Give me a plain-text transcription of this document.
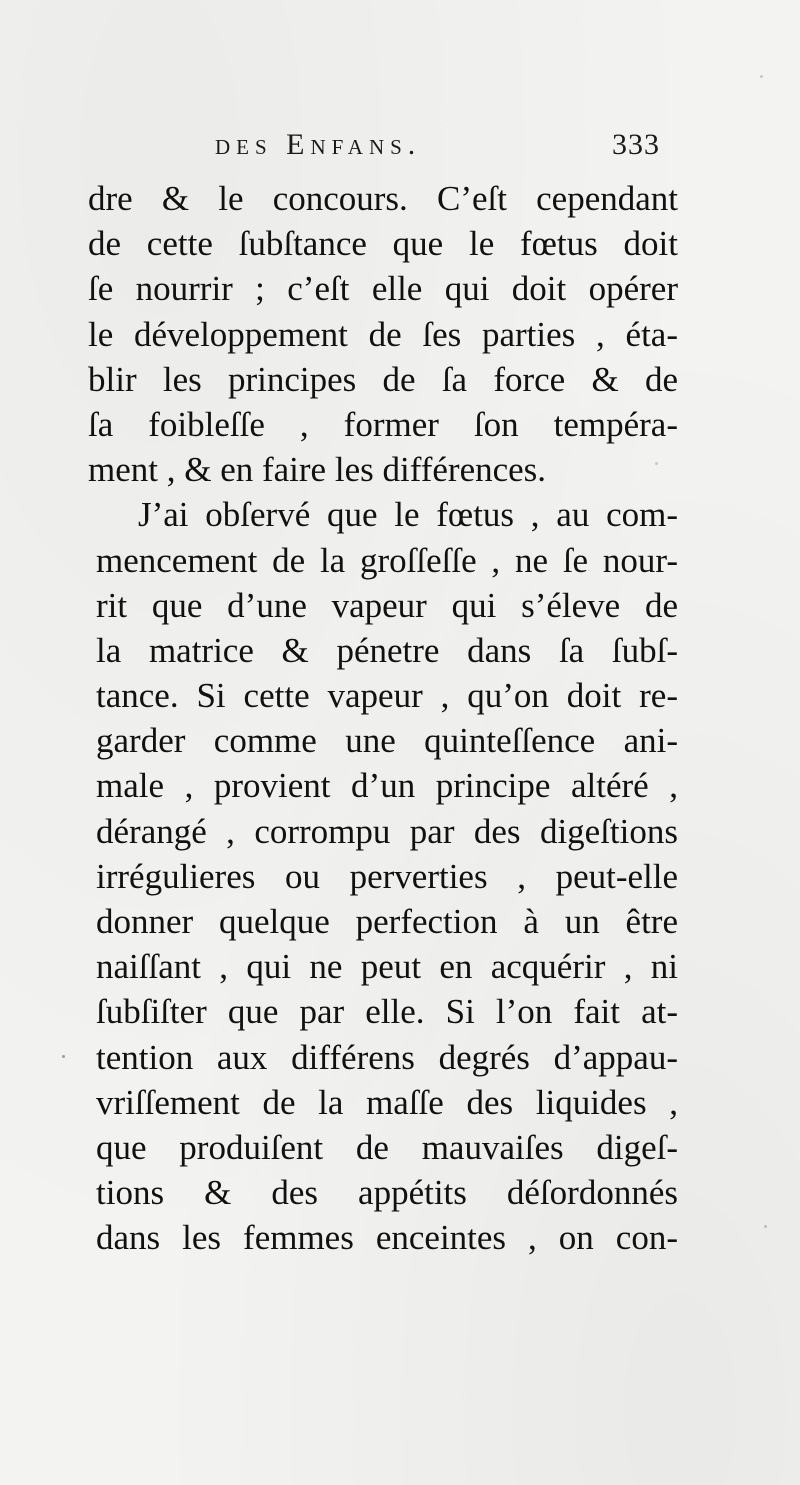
des Enfans.	333
dre & le concours. C’eſt cependant
de cette ſubſtance que le fœtus doit
ſe nourrir ; c’eſt elle qui doit opérer
le développement de ſes parties , éta-
blir les principes de ſa force & de
ſa foibleſſe , former ſon tempéra-
ment , & en faire les différences.
J’ai obſervé que le fœtus , au com-
mencement de la groſſeſſe , ne ſe nour-
rit que d’une vapeur qui s’éleve de
la matrice & pénetre dans ſa ſubſ-
tance. Si cette vapeur , qu’on doit re-
garder comme une quinteſſence ani-
male , provient d’un principe altéré ,
dérangé , corrompu par des digeſtions
irrégulieres ou perverties , peut-elle
donner quelque perfection à un être
naiſſant , qui ne peut en acquérir , ni
ſubſiſter que par elle. Si l’on fait at-
tention aux différens degrés d’appau-
vriſſement de la maſſe des liquides ,
que produiſent de mauvaiſes digeſ-
tions & des appétits déſordonnés
dans les femmes enceintes , on con-
